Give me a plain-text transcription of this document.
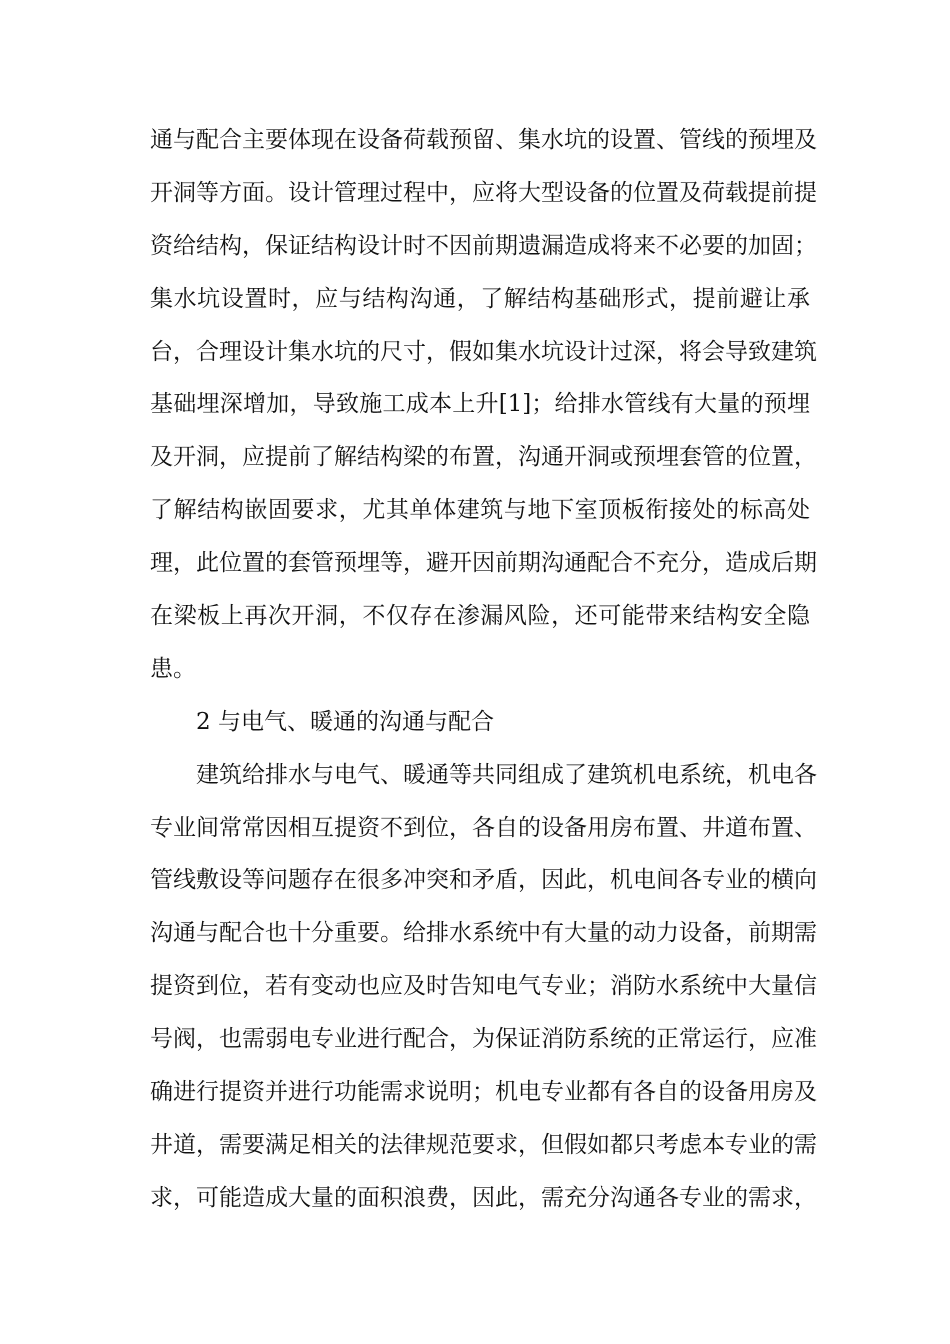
通与配合主要体现在设备荷载预留、集水坑的设置、管线的预埋及
开洞等方面。设计管理过程中，应将大型设备的位置及荷载提前提
资给结构，保证结构设计时不因前期遗漏造成将来不必要的加固；
集水坑设置时，应与结构沟通，了解结构基础形式，提前避让承
台，合理设计集水坑的尺寸，假如集水坑设计过深，将会导致建筑
基础埋深增加，导致施工成本上升[1]；给排水管线有大量的预埋
及开洞，应提前了解结构梁的布置，沟通开洞或预埋套管的位置，
了解结构嵌固要求，尤其单体建筑与地下室顶板衔接处的标高处
理，此位置的套管预埋等，避开因前期沟通配合不充分，造成后期
在梁板上再次开洞，不仅存在渗漏风险，还可能带来结构安全隐
患。
2 与电气、暖通的沟通与配合
建筑给排水与电气、暖通等共同组成了建筑机电系统，机电各
专业间常常因相互提资不到位，各自的设备用房布置、井道布置、
管线敷设等问题存在很多冲突和矛盾，因此，机电间各专业的横向
沟通与配合也十分重要。给排水系统中有大量的动力设备，前期需
提资到位，若有变动也应及时告知电气专业；消防水系统中大量信
号阀，也需弱电专业进行配合，为保证消防系统的正常运行，应准
确进行提资并进行功能需求说明；机电专业都有各自的设备用房及
井道，需要满足相关的法律规范要求，但假如都只考虑本专业的需
求，可能造成大量的面积浪费，因此，需充分沟通各专业的需求，
